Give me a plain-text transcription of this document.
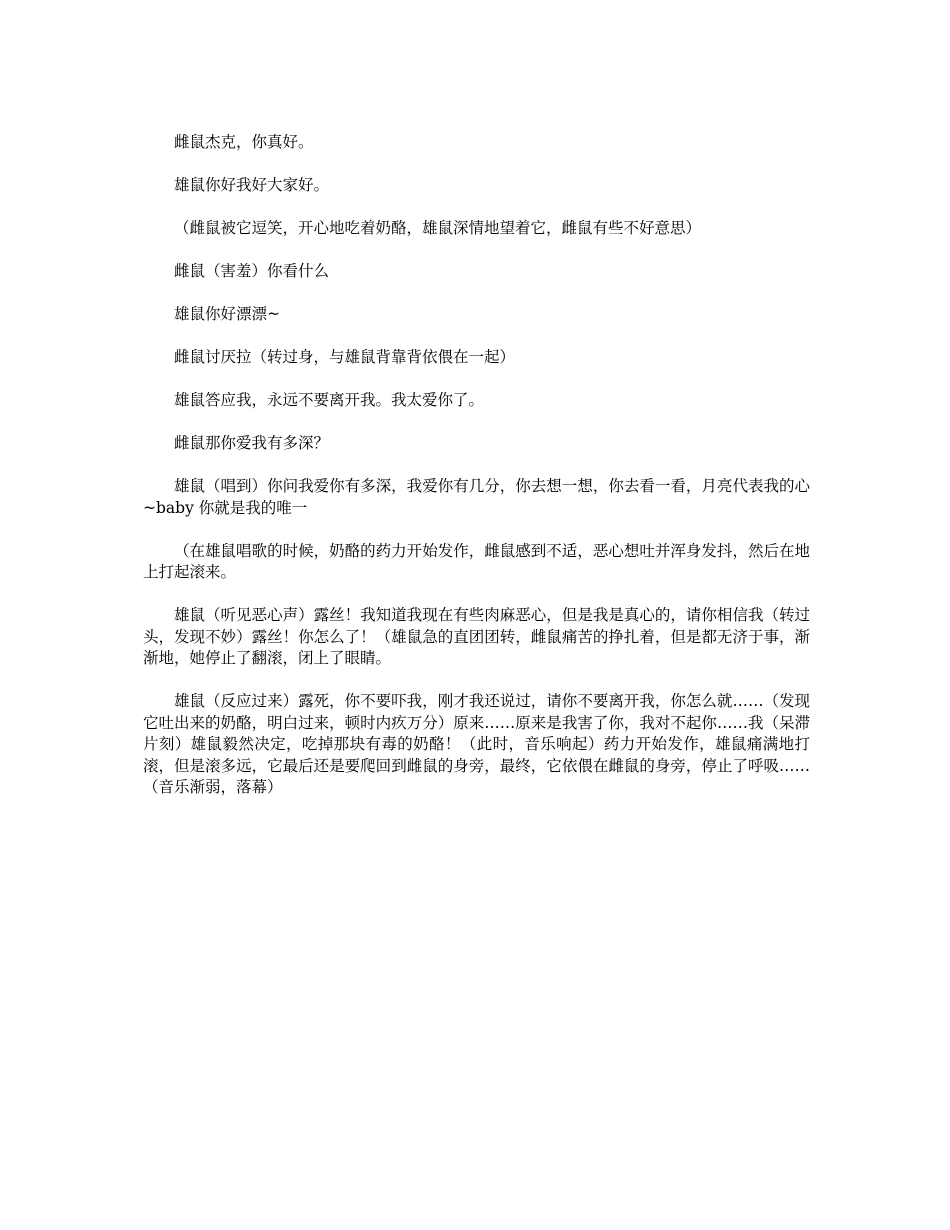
雌鼠杰克，你真好。

雄鼠你好我好大家好。

（雌鼠被它逗笑，开心地吃着奶酪，雄鼠深情地望着它，雌鼠有些不好意思）

雌鼠（害羞）你看什么

雄鼠你好漂漂~

雌鼠讨厌拉（转过身，与雄鼠背靠背依偎在一起）

雄鼠答应我，永远不要离开我。我太爱你了。

雌鼠那你爱我有多深？

雄鼠（唱到）你问我爱你有多深，我爱你有几分，你去想一想，你去看一看，月亮代表我的心~baby 你就是我的唯一

（在雄鼠唱歌的时候，奶酪的药力开始发作，雌鼠感到不适，恶心想吐并浑身发抖，然后在地上打起滚来。

雄鼠（听见恶心声）露丝！我知道我现在有些肉麻恶心，但是我是真心的，请你相信我（转过头，发现不妙）露丝！你怎么了！（雄鼠急的直团团转，雌鼠痛苦的挣扎着，但是都无济于事，渐渐地，她停止了翻滚，闭上了眼睛。

雄鼠（反应过来）露死，你不要吓我，刚才我还说过，请你不要离开我，你怎么就……（发现它吐出来的奶酪，明白过来，顿时内疚万分）原来……原来是我害了你，我对不起你……我（呆滞片刻）雄鼠毅然决定，吃掉那块有毒的奶酪！（此时，音乐响起）药力开始发作，雄鼠痛满地打滚，但是滚多远，它最后还是要爬回到雌鼠的身旁，最终，它依偎在雌鼠的身旁，停止了呼吸……（音乐渐弱，落幕）
